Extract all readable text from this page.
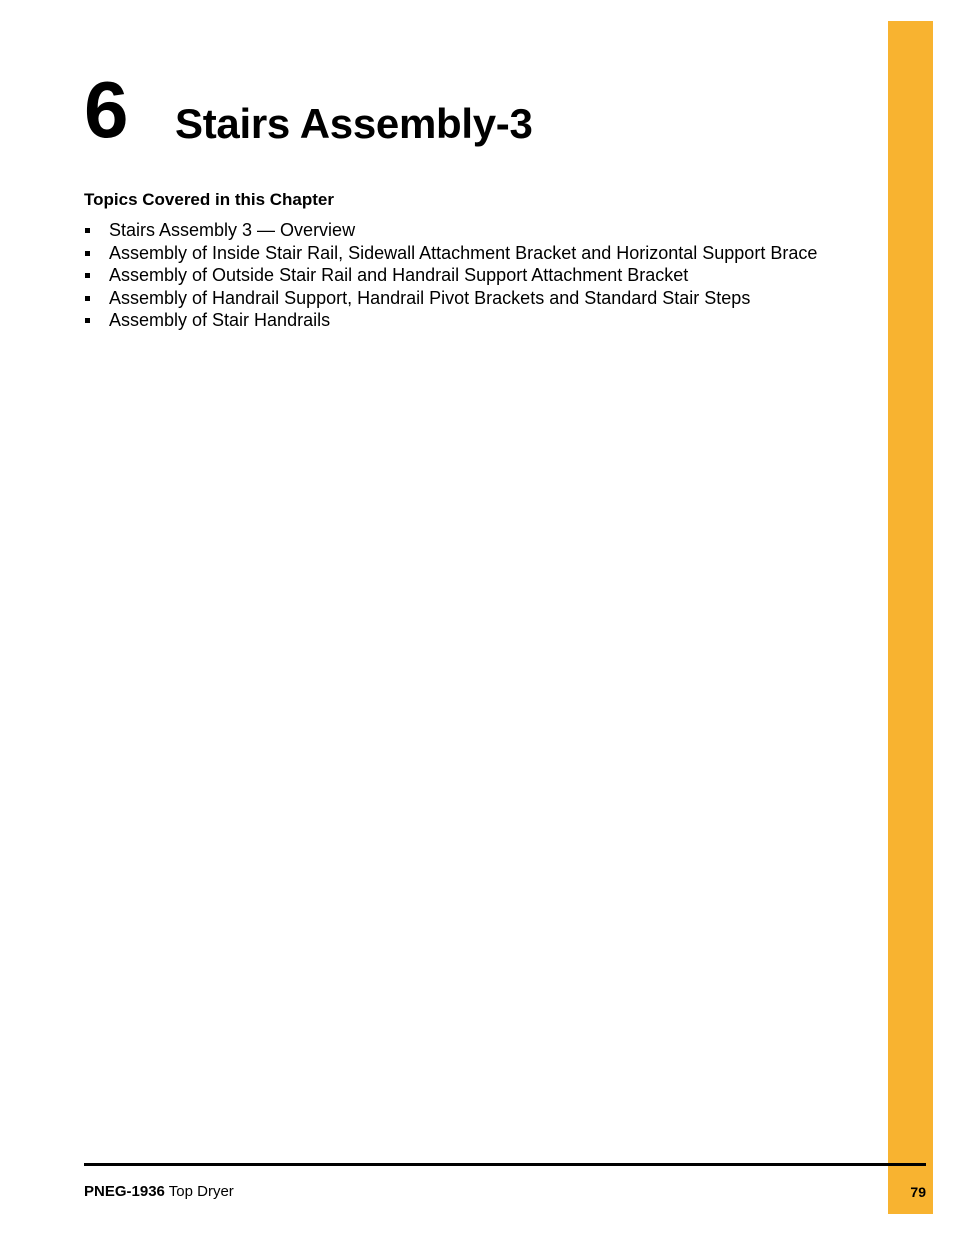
6 Stairs Assembly-3
Topics Covered in this Chapter
Stairs Assembly 3 — Overview
Assembly of Inside Stair Rail, Sidewall Attachment Bracket and Horizontal Support Brace
Assembly of Outside Stair Rail and Handrail Support Attachment Bracket
Assembly of Handrail Support, Handrail Pivot Brackets and Standard Stair Steps
Assembly of Stair Handrails
PNEG-1936 Top Dryer	79
